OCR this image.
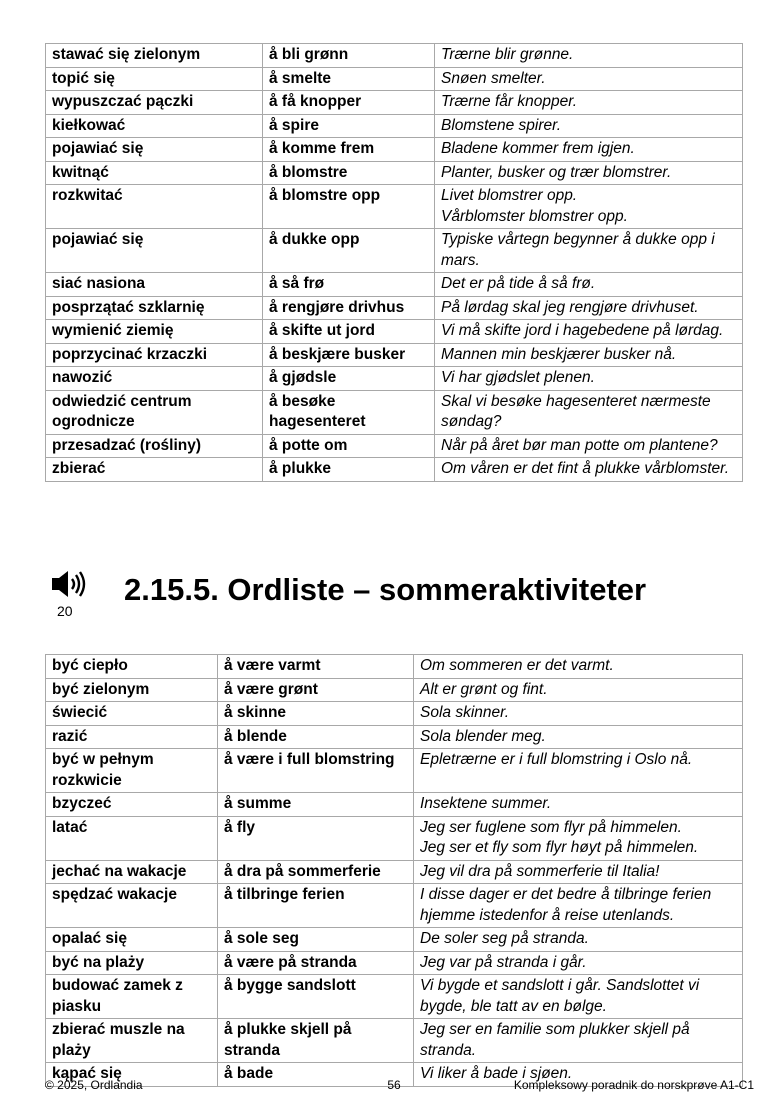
stawać się zielonym	å bli grønn	Trærne blir grønne.
topić się	å smelte	Snøen smelter.
wypuszczać pączki	å få knopper	Trærne får knopper.
kiełkować	å spire	Blomstene spirer.
pojawiać się	å komme frem	Bladene kommer frem igjen.
kwitnąć	å blomstre	Planter, busker og trær blomstrer.
rozkwitać	å blomstre opp	Livet blomstrer opp.
Vårblomster blomstrer opp.
pojawiać się	å dukke opp	Typiske vårtegn begynner å dukke opp i mars.
siać nasiona	å så frø	Det er på tide å så frø.
posprzątać szklarnię	å rengjøre drivhus	På lørdag skal jeg rengjøre drivhuset.
wymienić ziemię	å skifte ut jord	Vi må skifte jord i hagebedene på lørdag.
poprzycinać krzaczki	å beskjære busker	Mannen min beskjærer busker nå.
nawozić	å gjødsle	Vi har gjødslet plenen.
odwiedzić centrum ogrodnicze	å besøke hagesenteret	Skal vi besøke hagesenteret nærmeste søndag?
przesadzać (rośliny)	å potte om	Når på året bør man potte om plantene?
zbierać	å plukke	Om våren er det fint å plukke vårblomster.
20
2.15.5. Ordliste – sommeraktiviteter
być ciepło	å være varmt	Om sommeren er det varmt.
być zielonym	å være grønt	Alt er grønt og fint.
świecić	å skinne	Sola skinner.
razić	å blende	Sola blender meg.
być w pełnym rozkwicie	å være i full blomstring	Epletrærne er i full blomstring i Oslo nå.
bzyczeć	å summe	Insektene summer.
latać	å fly	Jeg ser fuglene som flyr på himmelen.
Jeg ser et fly som flyr høyt på himmelen.
jechać na wakacje	å dra på sommerferie	Jeg vil dra på sommerferie til Italia!
spędzać wakacje	å tilbringe ferien	I disse dager er det bedre å tilbringe ferien hjemme istedenfor å reise utenlands.
opalać się	å sole seg	De soler seg på stranda.
być na plaży	å være på stranda	Jeg var på stranda i går.
budować zamek z piasku	å bygge sandslott	Vi bygde et sandslott i går. Sandslottet vi bygde, ble tatt av en bølge.
zbierać muszle na plaży	å plukke skjell på stranda	Jeg ser en familie som plukker skjell på stranda.
kąpać się	å bade	Vi liker å bade i sjøen.
© 2025, Ordlandia	56	Kompleksowy poradnik do norskprøve A1-C1
